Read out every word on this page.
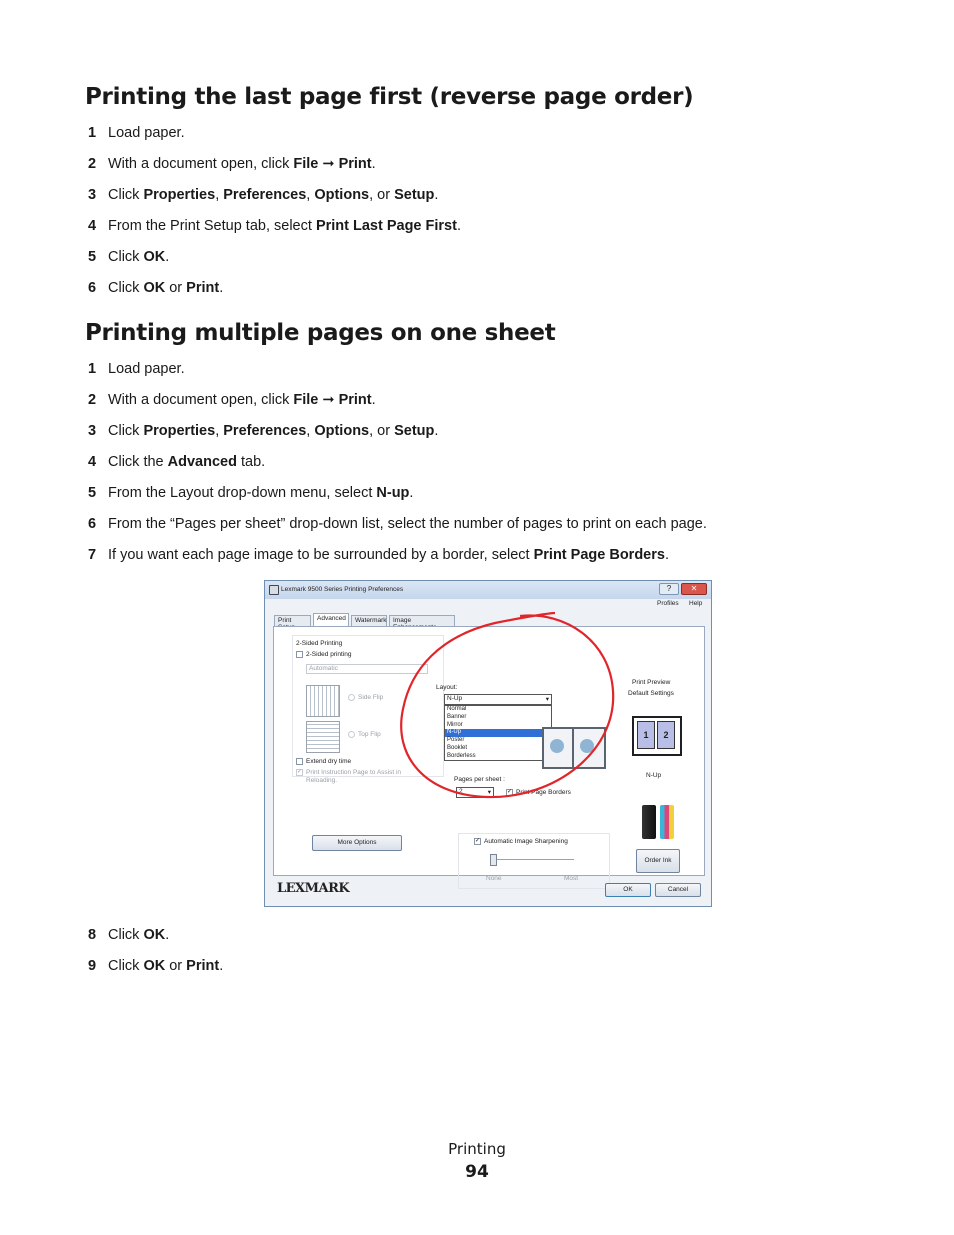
Printing the last page first (reverse page order)
1 Load paper.
2 With a document open, click File ➞ Print.
3 Click Properties, Preferences, Options, or Setup.
4 From the Print Setup tab, select Print Last Page First.
5 Click OK.
6 Click OK or Print.
Printing multiple pages on one sheet
1 Load paper.
2 With a document open, click File ➞ Print.
3 Click Properties, Preferences, Options, or Setup.
4 Click the Advanced tab.
5 From the Layout drop-down menu, select N-up.
6 From the “Pages per sheet” drop-down list, select the number of pages to print on each page.
7 If you want each page image to be surrounded by a border, select Print Page Borders.
Lexmark 9500 Series Printing Preferences	?	✕
Profiles Help
Print	Advanced	Watermark Image
2-Sided Printing
2-Sided printing
Automatic
Side Flip
Top Flip
Extend dry time
✓ Print Instruction Page to Assist in
Reloading.
More Options
Layout:
N-Up	▾
Normal
Banner
Mirror
N-Up
Poster
Booklet
Borderless
Pages per sheet :
2	▾	✓ Print Page Borders
✓ Automatic Image Sharpening
None	Most
Print Preview
Default Settings
1	2
N-Up
Order Ink
LEXMARK	OK	Cancel
8 Click OK.
9 Click OK or Print.
Printing
94
